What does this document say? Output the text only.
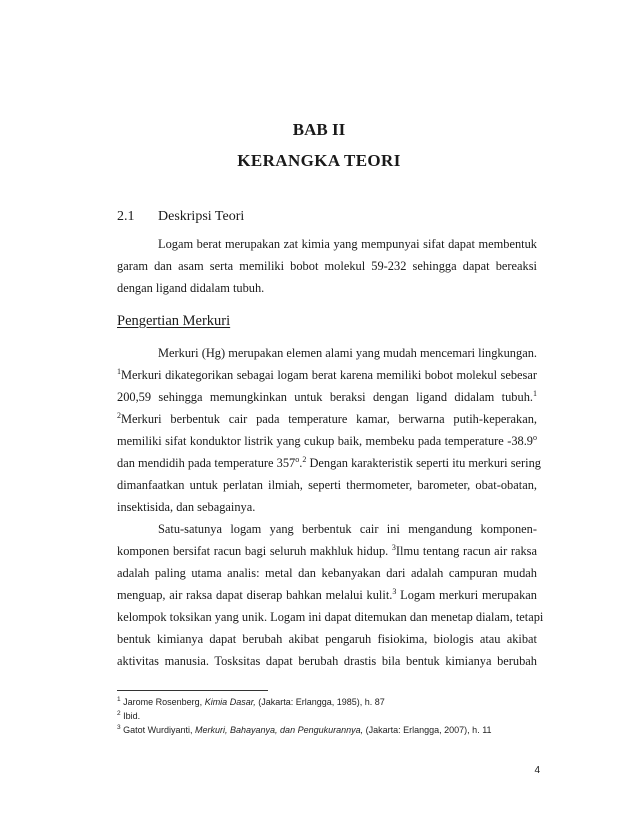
BAB II
KERANGKA TEORI
2.1 Deskripsi Teori
Logam berat merupakan zat kimia yang mempunyai sifat dapat membentuk
garam dan asam serta memiliki bobot molekul 59-232 sehingga dapat bereaksi
dengan ligand didalam tubuh.
Pengertian Merkuri
Merkuri (Hg) merupakan elemen alami yang mudah mencemari lingkungan.
$^1$Merkuri dikategorikan sebagai logam berat karena memiliki bobot molekul sebesar
200,59 sehingga memungkinkan untuk beraksi dengan ligand didalam tubuh.$^1$
$^2$Merkuri berbentuk cair pada temperature kamar, berwarna putih-keperakan,
memiliki sifat konduktor listrik yang cukup baik, membeku pada temperature -38.9$^o$
dan mendidih pada temperature 357$^o$.$^2$ Dengan karakteristik seperti itu merkuri sering
dimanfaatkan untuk perlatan ilmiah, seperti thermometer, barometer, obat-obatan,
insektisida, dan sebagainya.
Satu-satunya logam yang berbentuk cair ini mengandung komponen-
komponen bersifat racun bagi seluruh makhluk hidup. $^3$Ilmu tentang racun air raksa
adalah paling utama analis: metal dan kebanyakan dari adalah campuran mudah
menguap, air raksa dapat diserap bahkan melalui kulit.$^3$ Logam merkuri merupakan
kelompok toksikan yang unik. Logam ini dapat ditemukan dan menetap dialam, tetapi
bentuk kimianya dapat berubah akibat pengaruh fisiokima, biologis atau akibat
aktivitas manusia. Tosksitas dapat berubah drastis bila bentuk kimianya berubah
$^1$ Jarome Rosenberg, Kimia Dasar, (Jakarta: Erlangga, 1985), h. 87
$^2$ Ibid.
$^3$ Gatot Wurdiyanti, Merkuri, Bahayanya, dan Pengukurannya, (Jakarta: Erlangga, 2007), h. 11
4
